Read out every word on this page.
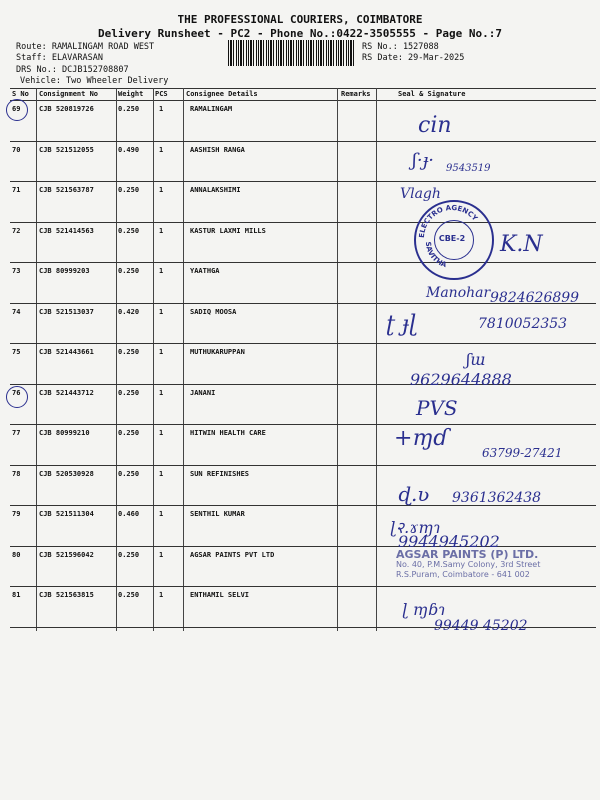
THE PROFESSIONAL COURIERS, COIMBATORE
Delivery Runsheet - PC2 - Phone No.:0422-3505555 - Page No.:7
Route: RAMALINGAM ROAD WEST
Staff: ELAVARASAN
DRS No.: DCJB152708807
Vehicle: Two Wheeler Delivery
RS No.: 1527088
RS Date: 29-Mar-2025
S No Consignment No	Weight PCS	Consignee Details	Remarks	Seal & Signature
69	CJB 520819726	0.250	1	RAMALINGAM
70	CJB 521512055	0.490	1	AASHISH RANGA
71	CJB 521563787	0.250	1	ANNALAKSHIMI
72	CJB 521414563	0.250	1	KASTUR LAXMI MILLS
73	CJB 80999203	0.250	1	YAATHGA
74	CJB 521513037	0.420	1	SADIQ MOOSA
75	CJB 521443661	0.250	1	MUTHUKARUPPAN
76	CJB 521443712	0.250	1	JANANI
77	CJB 80999210	0.250	1	HITWIN HEALTH CARE
78	CJB 520530928	0.250	1	SUN REFINISHES
79	CJB 521511304	0.460	1	SENTHIL KUMAR
80	CJB 521596042	0.250	1	AGSAR PAINTS PVT LTD
81	CJB 521563815	0.250	1	ENTHAMIL SELVI
cin
ʃ·ɟ· 9543519
Vlagh
ELECTRO AGENCY
SAVITHA
CBE-2 K.N
Manohar 9824626899
ʈ ɟɭ	7810052353
ʃɯ
9629644888
PVS
+ɱɗ
63799-27421
ɖ.ʋ 9361362438
ɭ२.ɤɱɿ
9944945202
AGSAR PAINTS (P) LTD.
No. 40, P.M.Samy Colony, 3rd Street
R.S.Puram, Coimbatore - 641 002
ɭ ɱɓɿ
99449 45202
